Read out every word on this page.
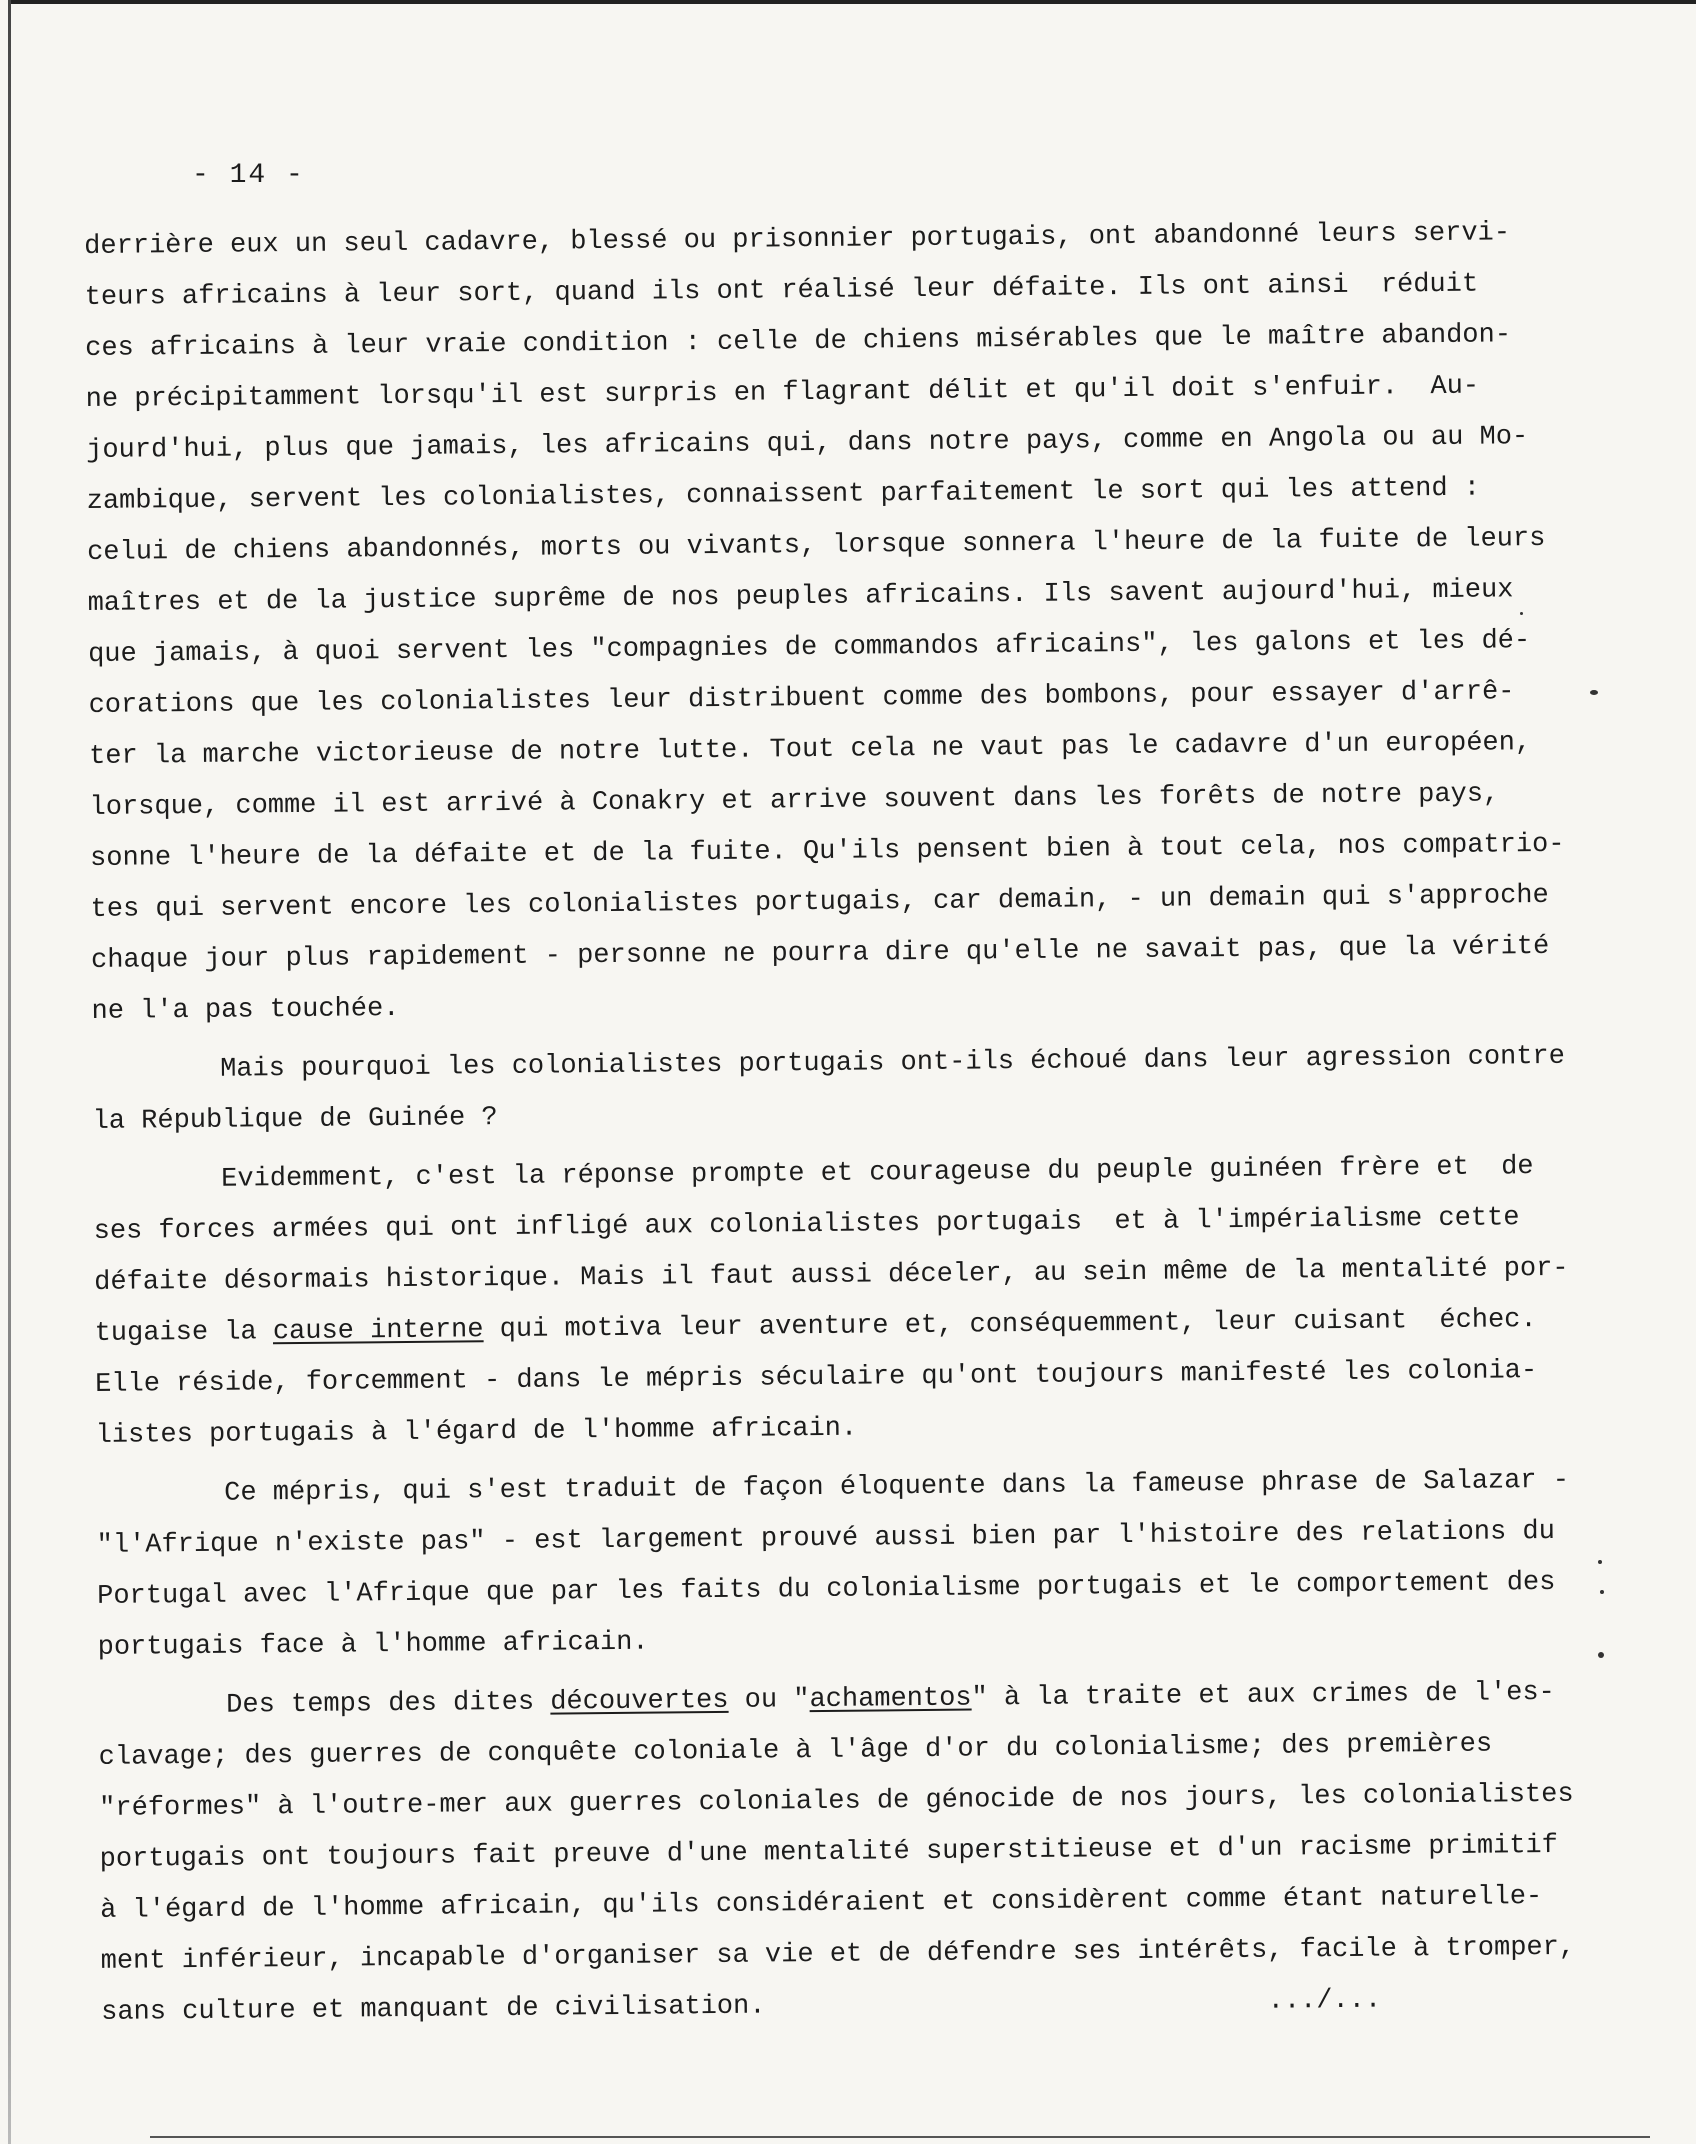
- 14 -
derrière eux un seul cadavre, blessé ou prisonnier portugais, ont abandonné leurs servi-
teurs africains à leur sort, quand ils ont réalisé leur défaite. Ils ont ainsi  réduit
ces africains à leur vraie condition : celle de chiens misérables que le maître abandon-
ne précipitamment lorsqu'il est surpris en flagrant délit et qu'il doit s'enfuir.  Au-
jourd'hui, plus que jamais, les africains qui, dans notre pays, comme en Angola ou au Mo-
zambique, servent les colonialistes, connaissent parfaitement le sort qui les attend :
celui de chiens abandonnés, morts ou vivants, lorsque sonnera l'heure de la fuite de leurs
maîtres et de la justice suprême de nos peuples africains. Ils savent aujourd'hui, mieux
que jamais, à quoi servent les "compagnies de commandos africains", les galons et les dé-
corations que les colonialistes leur distribuent comme des bombons, pour essayer d'arrê-
ter la marche victorieuse de notre lutte. Tout cela ne vaut pas le cadavre d'un européen,
lorsque, comme il est arrivé à Conakry et arrive souvent dans les forêts de notre pays,
sonne l'heure de la défaite et de la fuite. Qu'ils pensent bien à tout cela, nos compatrio-
tes qui servent encore les colonialistes portugais, car demain, - un demain qui s'approche
chaque jour plus rapidement - personne ne pourra dire qu'elle ne savait pas, que la vérité
ne l'a pas touchée.
Mais pourquoi les colonialistes portugais ont-ils échoué dans leur agression contre
la République de Guinée ?
Evidemment, c'est la réponse prompte et courageuse du peuple guinéen frère et  de
ses forces armées qui ont infligé aux colonialistes portugais  et à l'impérialisme cette
défaite désormais historique. Mais il faut aussi déceler, au sein même de la mentalité por-
tugaise la cause interne qui motiva leur aventure et, conséquemment, leur cuisant  échec.
Elle réside, forcemment - dans le mépris séculaire qu'ont toujours manifesté les colonia-
listes portugais à l'égard de l'homme africain.
Ce mépris, qui s'est traduit de façon éloquente dans la fameuse phrase de Salazar -
"l'Afrique n'existe pas" - est largement prouvé aussi bien par l'histoire des relations du
Portugal avec l'Afrique que par les faits du colonialisme portugais et le comportement des
portugais face à l'homme africain.
Des temps des dites découvertes ou "achamentos" à la traite et aux crimes de l'es-
clavage; des guerres de conquête coloniale à l'âge d'or du colonialisme; des premières
"réformes" à l'outre-mer aux guerres coloniales de génocide de nos jours, les colonialistes
portugais ont toujours fait preuve d'une mentalité superstitieuse et d'un racisme primitif
à l'égard de l'homme africain, qu'ils considéraient et considèrent comme étant naturelle-
ment inférieur, incapable d'organiser sa vie et de défendre ses intérêts, facile à tromper,
sans culture et manquant de civilisation.	.../...
